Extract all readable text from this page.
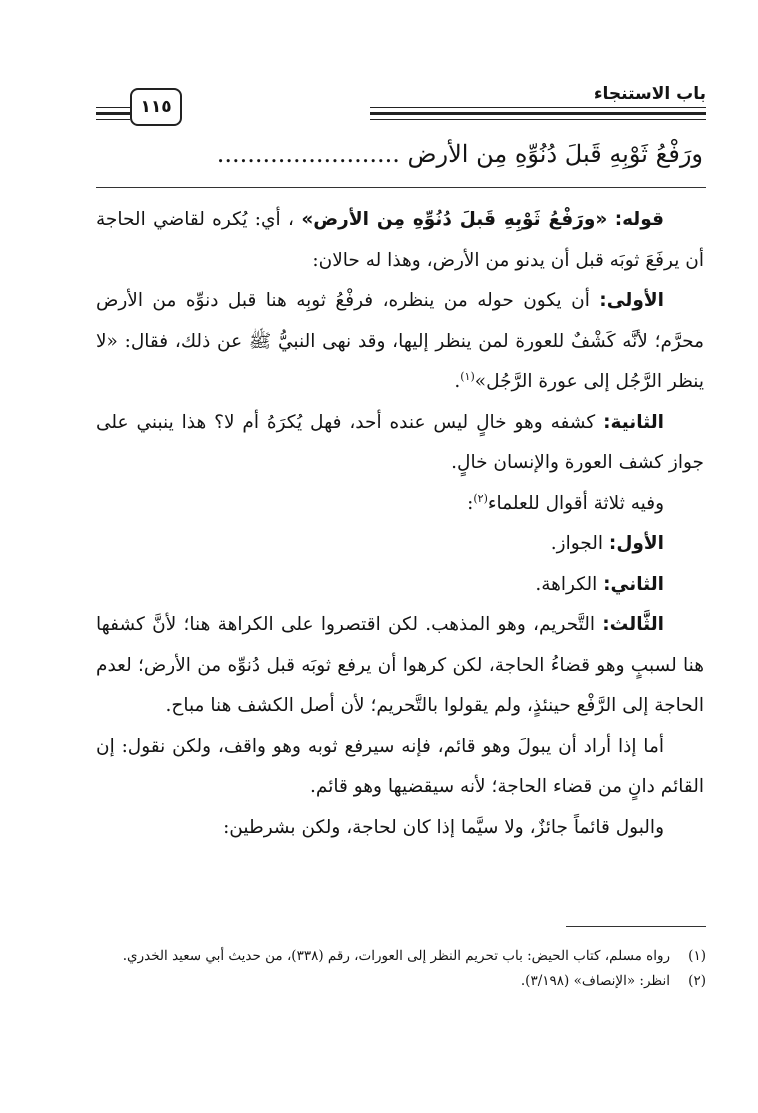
باب الاستنجاء
١١٥
ورَفْعُ ثَوْبِهِ قَبلَ دُنُوِّهِ مِن الأرض ........................

قوله: «ورَفْعُ ثَوْبِهِ قَبلَ دُنُوِّهِ مِن الأرض» ، أي: يُكره لقاضي الحاجة أن يرفَعَ ثوبَه قبل أن يدنو من الأرض، وهذا له حالان:

الأولى: أن يكون حوله من ينظره، فرفْعُ ثوبِه هنا قبل دنوِّه من الأرض محرَّم؛ لأنَّه كَشْفٌ للعورة لمن ينظر إليها، وقد نهى النبيُّ ﷺ عن ذلك، فقال: «لا ينظر الرَّجُل إلى عورة الرَّجُل»$^{(١)}$.

الثانية: كشفه وهو خالٍ ليس عنده أحد، فهل يُكرَهُ أم لا؟ هذا ينبني على جواز كشف العورة والإنسان خالٍ.

وفيه ثلاثة أقوال للعلماء$^{(٢)}$:

الأول: الجواز.

الثاني: الكراهة.

الثَّالث: التَّحريم، وهو المذهب. لكن اقتصروا على الكراهة هنا؛ لأنَّ كشفها هنا لسببٍ وهو قضاءُ الحاجة، لكن كرهوا أن يرفع ثوبَه قبل دُنوِّه من الأرض؛ لعدم الحاجة إلى الرَّفْع حينئذٍ، ولم يقولوا بالتَّحريم؛ لأن أصل الكشف هنا مباح.

أما إذا أراد أن يبولَ وهو قائم، فإنه سيرفع ثوبه وهو واقف، ولكن نقول: إن القائم دانٍ من قضاء الحاجة؛ لأنه سيقضيها وهو قائم.

والبول قائماً جائزٌ، ولا سيَّما إذا كان لحاجة، ولكن بشرطين:

(١)
رواه مسلم، كتاب الحيض: باب تحريم النظر إلى العورات، رقم (٣٣٨)، من حديث أبي سعيد الخدري.
(٢)
انظر: «الإنصاف» (٣/١٩٨).
